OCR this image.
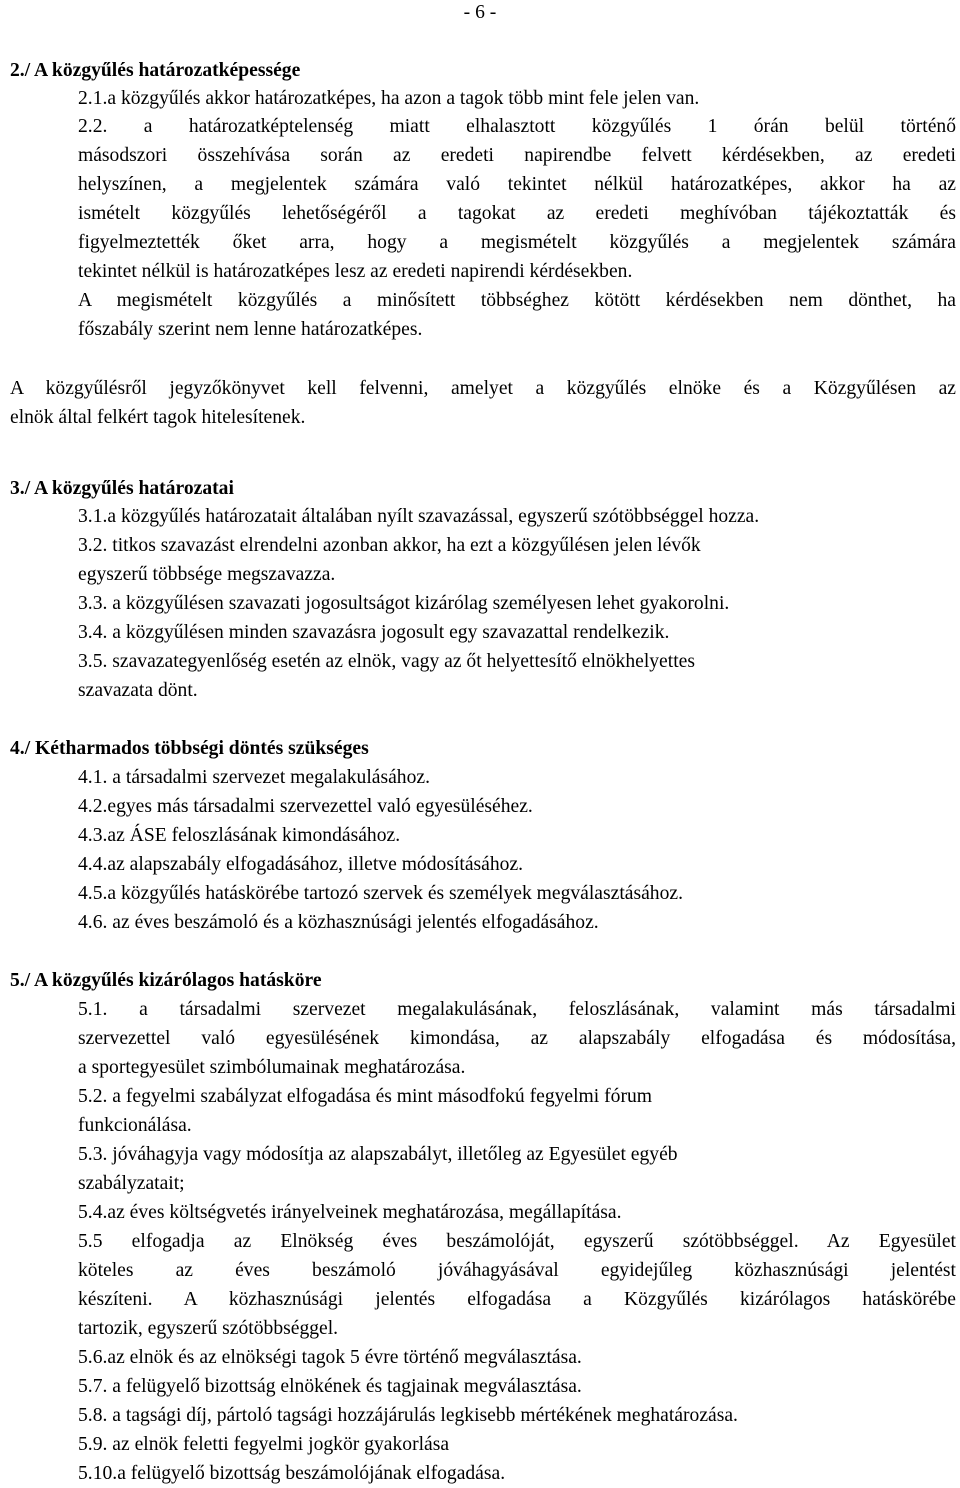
- 6 -
2./ A közgyűlés határozatképessége
2.1.a közgyűlés akkor határozatképes, ha azon a tagok több mint fele jelen van.
2.2. a határozatképtelenség miatt elhalasztott közgyűlés 1 órán belül történő
másodszori összehívása során az eredeti napirendbe felvett kérdésekben, az eredeti
helyszínen, a megjelentek számára való tekintet nélkül határozatképes, akkor ha az
ismételt közgyűlés lehetőségéről a tagokat az eredeti meghívóban tájékoztatták és
figyelmeztették őket arra, hogy a megismételt közgyűlés a megjelentek számára
tekintet nélkül is határozatképes lesz az eredeti napirendi kérdésekben.
A megismételt közgyűlés a minősített többséghez kötött kérdésekben nem dönthet, ha
főszabály szerint nem lenne határozatképes.
A közgyűlésről jegyzőkönyvet kell felvenni, amelyet a közgyűlés elnöke és a Közgyűlésen az
elnök által felkért tagok hitelesítenek.
3./ A közgyűlés határozatai
3.1.a közgyűlés határozatait általában nyílt szavazással, egyszerű szótöbbséggel hozza.
3.2. titkos szavazást elrendelni azonban akkor, ha ezt a közgyűlésen jelen lévők
egyszerű többsége megszavazza.
3.3. a közgyűlésen szavazati jogosultságot kizárólag személyesen lehet gyakorolni.
3.4. a közgyűlésen minden szavazásra jogosult egy szavazattal rendelkezik.
3.5. szavazategyenlőség esetén az elnök, vagy az őt helyettesítő elnökhelyettes
szavazata dönt.
4./ Kétharmados többségi döntés szükséges
4.1. a társadalmi szervezet megalakulásához.
4.2.egyes más társadalmi szervezettel való egyesüléséhez.
4.3.az ÁSE feloszlásának kimondásához.
4.4.az alapszabály elfogadásához, illetve módosításához.
4.5.a közgyűlés hatáskörébe tartozó szervek és személyek megválasztásához.
4.6. az éves beszámoló és a közhasznúsági jelentés elfogadásához.
5./ A közgyűlés kizárólagos hatásköre
5.1. a társadalmi szervezet megalakulásának, feloszlásának, valamint más társadalmi
szervezettel való egyesülésének kimondása, az alapszabály elfogadása és módosítása,
a sportegyesület szimbólumainak meghatározása.
5.2. a fegyelmi szabályzat elfogadása és mint másodfokú fegyelmi fórum
funkcionálása.
5.3. jóváhagyja vagy módosítja az alapszabályt, illetőleg az Egyesület egyéb
szabályzatait;
5.4.az éves költségvetés irányelveinek meghatározása, megállapítása.
5.5 elfogadja az Elnökség éves beszámolóját, egyszerű szótöbbséggel. Az Egyesület
köteles az éves beszámoló jóváhagyásával egyidejűleg közhasznúsági jelentést
készíteni. A közhasznúsági jelentés elfogadása a Közgyűlés kizárólagos hatáskörébe
tartozik, egyszerű szótöbbséggel.
5.6.az elnök és az elnökségi tagok 5 évre történő megválasztása.
5.7. a felügyelő bizottság elnökének és tagjainak megválasztása.
5.8. a tagsági díj, pártoló tagsági hozzájárulás legkisebb mértékének meghatározása.
5.9. az elnök feletti fegyelmi jogkör gyakorlása
5.10.a felügyelő bizottság beszámolójának elfogadása.
